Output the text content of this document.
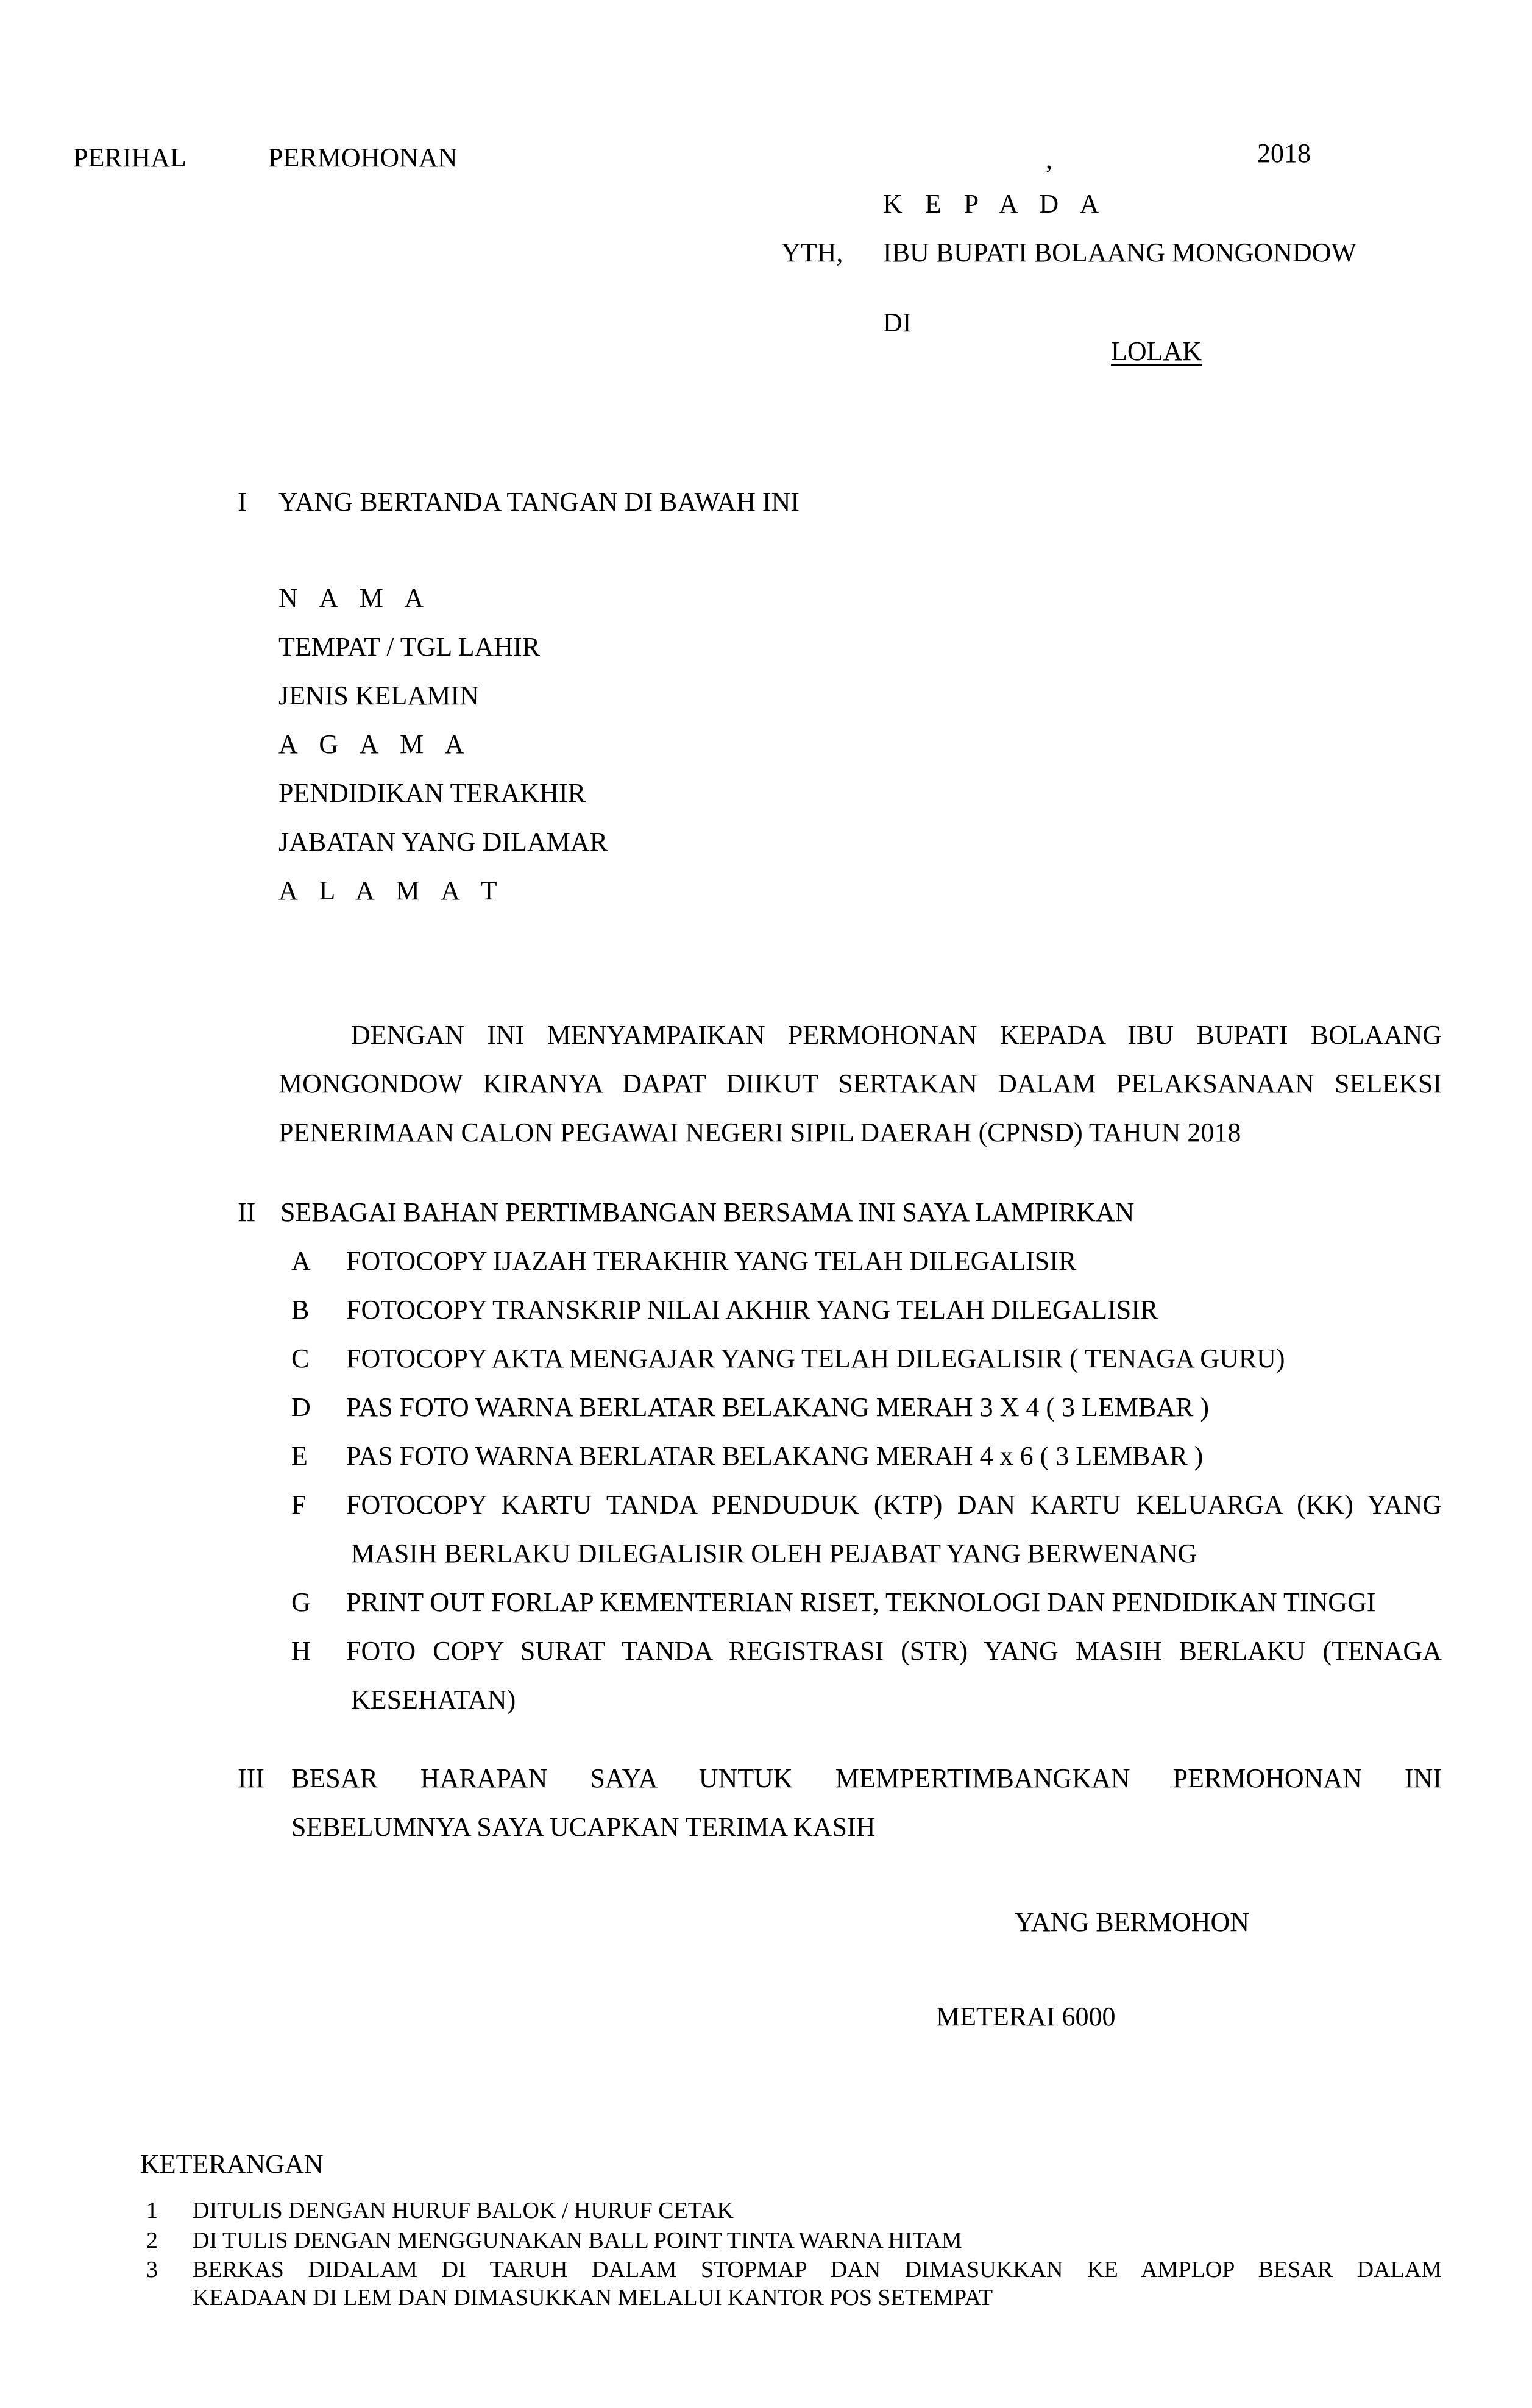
PERIHAL	PERMOHONAN	,	2018
K E P A D A
YTH, IBU BUPATI BOLAANG MONGONDOW
DI
LOLAK
I YANG BERTANDA TANGAN DI BAWAH INI
N A M A
TEMPAT / TGL LAHIR
JENIS KELAMIN
A G A M A
PENDIDIKAN TERAKHIR
JABATAN YANG DILAMAR
A L A M A T
DENGAN INI MENYAMPAIKAN PERMOHONAN KEPADA IBU BUPATI BOLAANG
MONGONDOW KIRANYA DAPAT DIIKUT SERTAKAN DALAM PELAKSANAAN SELEKSI
PENERIMAAN CALON PEGAWAI NEGERI SIPIL DAERAH (CPNSD) TAHUN 2018
II SEBAGAI BAHAN PERTIMBANGAN BERSAMA INI SAYA LAMPIRKAN
A FOTOCOPY IJAZAH TERAKHIR YANG TELAH DILEGALISIR
B FOTOCOPY TRANSKRIP NILAI AKHIR YANG TELAH DILEGALISIR
C FOTOCOPY AKTA MENGAJAR YANG TELAH DILEGALISIR ( TENAGA GURU)
D PAS FOTO WARNA BERLATAR BELAKANG MERAH 3 X 4 ( 3 LEMBAR )
E PAS FOTO WARNA BERLATAR BELAKANG MERAH 4 x 6 ( 3 LEMBAR )
F FOTOCOPY KARTU TANDA PENDUDUK (KTP) DAN KARTU KELUARGA (KK) YANG
MASIH BERLAKU DILEGALISIR OLEH PEJABAT YANG BERWENANG
G PRINT OUT FORLAP KEMENTERIAN RISET, TEKNOLOGI DAN PENDIDIKAN TINGGI
H FOTO COPY SURAT TANDA REGISTRASI (STR) YANG MASIH BERLAKU (TENAGA
KESEHATAN)
III BESAR HARAPAN SAYA UNTUK MEMPERTIMBANGKAN PERMOHONAN INI
SEBELUMNYA SAYA UCAPKAN TERIMA KASIH
YANG BERMOHON
METERAI 6000
KETERANGAN
1 DITULIS DENGAN HURUF BALOK / HURUF CETAK
2 DI TULIS DENGAN MENGGUNAKAN BALL POINT TINTA WARNA HITAM
3 BERKAS DIDALAM DI TARUH DALAM STOPMAP DAN DIMASUKKAN KE AMPLOP BESAR DALAM
KEADAAN DI LEM DAN DIMASUKKAN MELALUI KANTOR POS SETEMPAT
